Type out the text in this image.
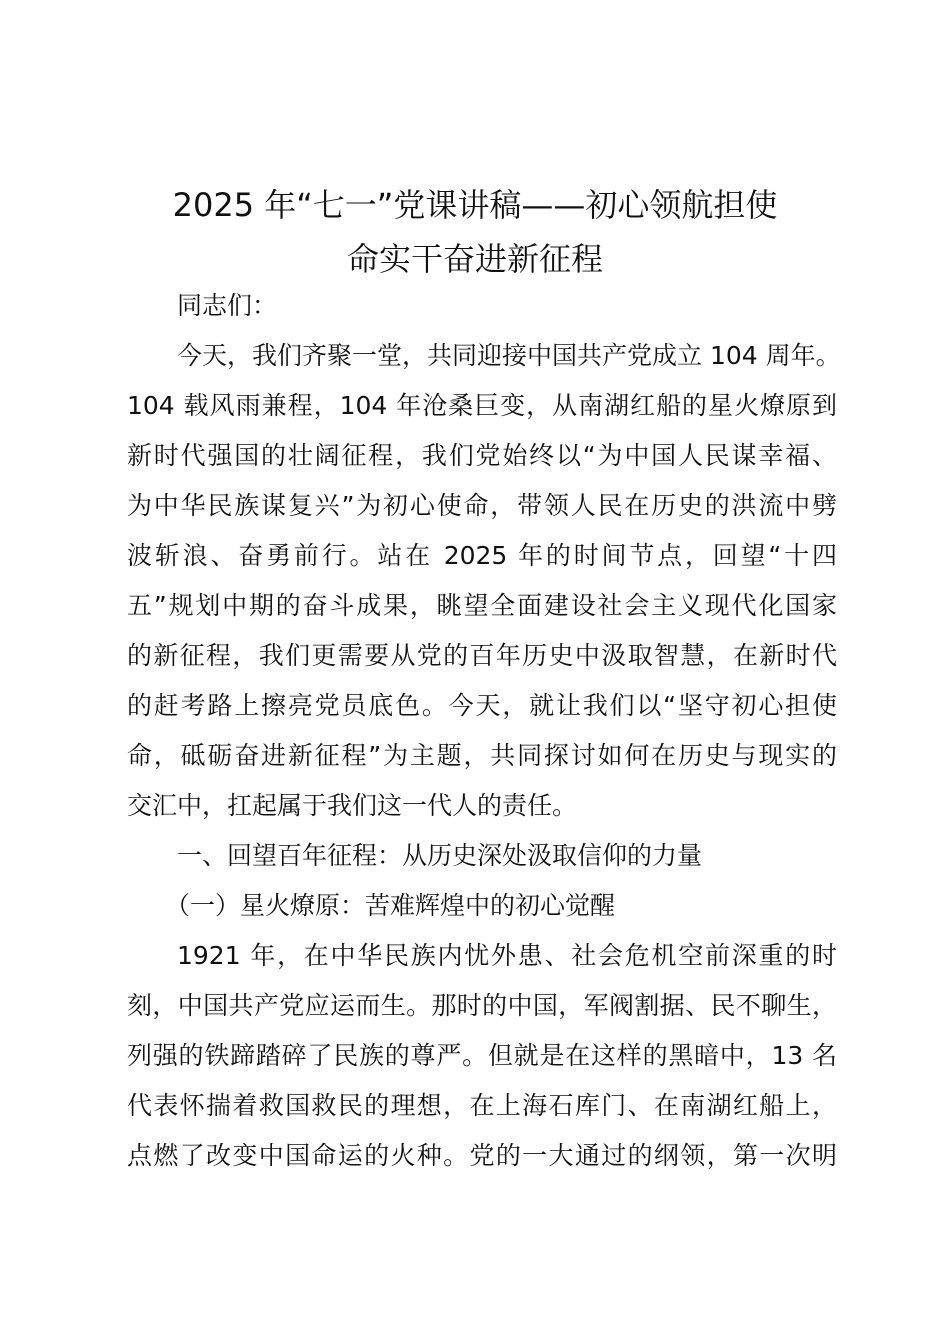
2025 年“七一”党课讲稿——初心领航担使
命实干奋进新征程

同志们：

今天，我们齐聚一堂，共同迎接中国共产党成立 104 周年。

104 载风雨兼程，104 年沧桑巨变，从南湖红船的星火燎原到

新时代强国的壮阔征程，我们党始终以“为中国人民谋幸福、

为中华民族谋复兴”为初心使命，带领人民在历史的洪流中劈

波斩浪、奋勇前行。站在 2025 年的时间节点，回望“十四

五”规划中期的奋斗成果，眺望全面建设社会主义现代化国家

的新征程，我们更需要从党的百年历史中汲取智慧，在新时代

的赶考路上擦亮党员底色。今天，就让我们以“坚守初心担使

命，砥砺奋进新征程”为主题，共同探讨如何在历史与现实的

交汇中，扛起属于我们这一代人的责任。

一、回望百年征程：从历史深处汲取信仰的力量

（一）星火燎原：苦难辉煌中的初心觉醒

1921 年，在中华民族内忧外患、社会危机空前深重的时

刻，中国共产党应运而生。那时的中国，军阀割据、民不聊生，

列强的铁蹄踏碎了民族的尊严。但就是在这样的黑暗中，13 名

代表怀揣着救国救民的理想，在上海石库门、在南湖红船上，

点燃了改变中国命运的火种。党的一大通过的纲领，第一次明
